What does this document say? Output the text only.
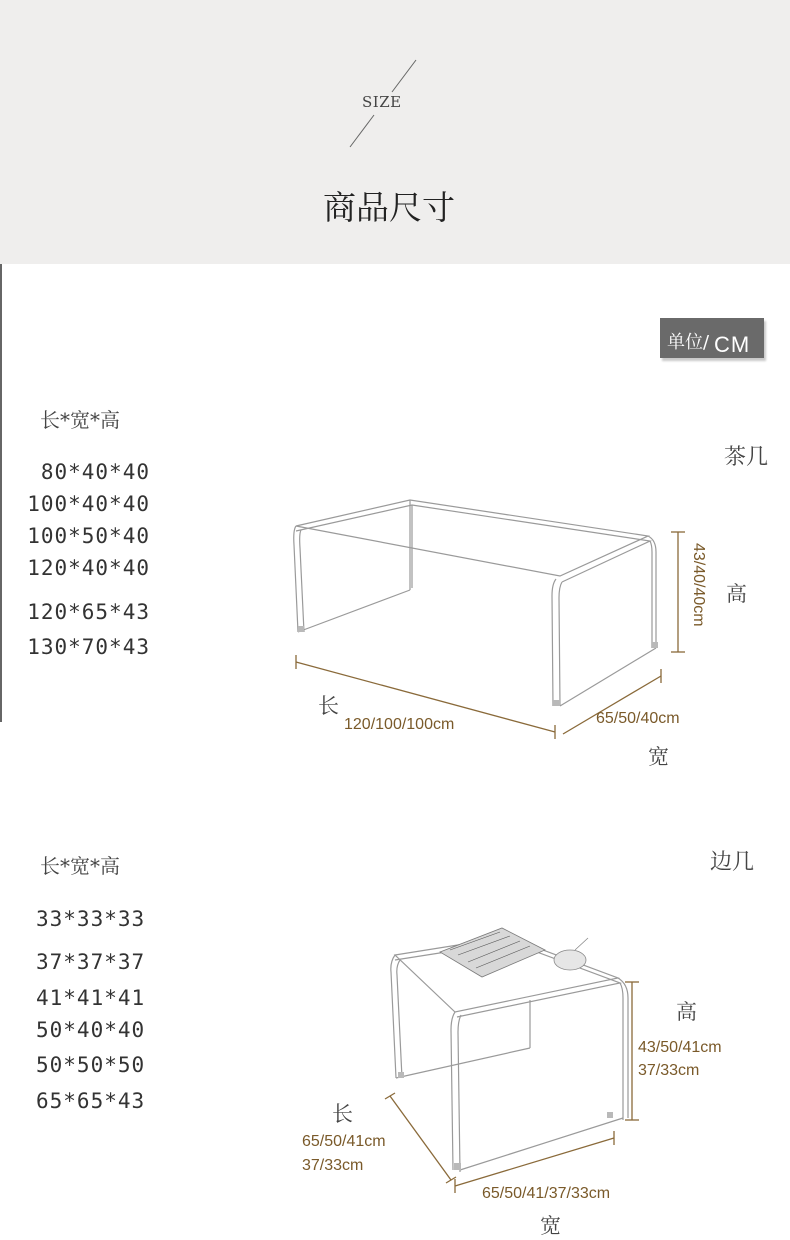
SIZE
商品尺寸
单位/ CM
长*宽*高
80*40*40
100*40*40
100*50*40
120*40*40
120*65*43
130*70*43
茶几
长
120/100/100cm	65/50/40cm
宽
高
43/40/40cm
长*宽*高
33*33*33
37*37*37
41*41*41
50*40*40
50*50*50
65*65*43
边几
长
65/50/41cm
37/33cm
高
43/50/41cm
37/33cm
65/50/41/37/33cm
宽
